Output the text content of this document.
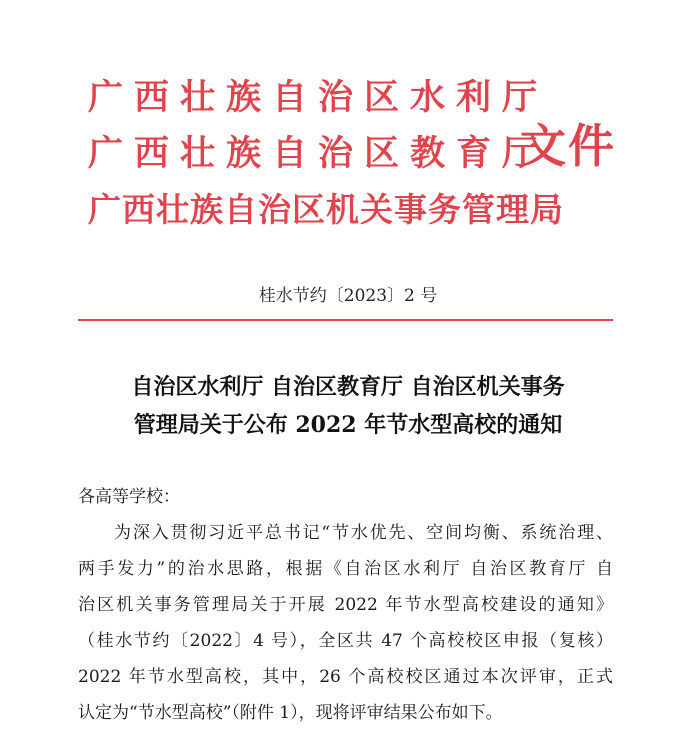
广西壮族自治区水利厅
广西壮族自治区教育厅
广西壮族自治区机关事务管理局
文件
桂水节约〔2023〕2 号
自治区水利厅 自治区教育厅 自治区机关事务
管理局关于公布 2022 年节水型高校的通知
各高等学校：
为深入贯彻习近平总书记“节水优先、空间均衡、系统治理、
两手发力”的治水思路，根据《自治区水利厅 自治区教育厅 自
治区机关事务管理局关于开展 2022 年节水型高校建设的通知》
（桂水节约〔2022〕4 号），全区共 47 个高校校区申报（复核）
2022 年节水型高校，其中，26 个高校校区通过本次评审，正式
认定为“节水型高校”（附件 1），现将评审结果公布如下。
